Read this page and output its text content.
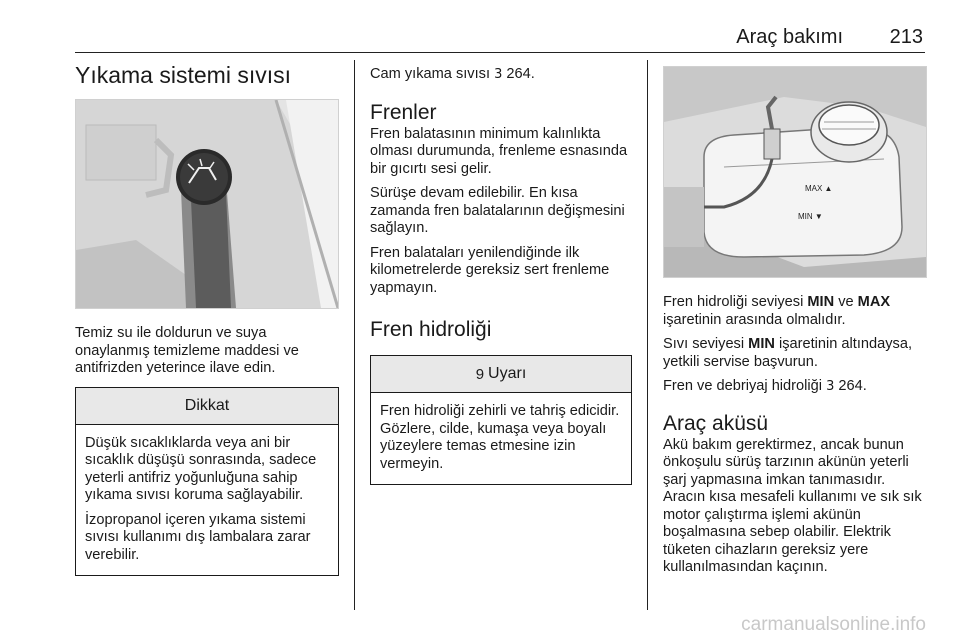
Araç bakımı 213
Yıkama sistemi sıvısı

Temiz su ile doldurun ve suya onaylanmış temizleme maddesi ve antifrizden yeterince ilave edin.

Dikkat

Düşük sıcaklıklarda veya ani bir sıcaklık düşüşü sonrasında, sadece yeterli antifriz yoğunluğuna sahip yıkama sıvısı koruma sağlayabilir.

İzopropanol içeren yıkama sistemi sıvısı kullanımı dış lambalara zarar verebilir.

Cam yıkama sıvısı 3 264.

Frenler

Fren balatasının minimum kalınlıkta olması durumunda, frenleme esnasında bir gıcırtı sesi gelir.

Sürüşe devam edilebilir. En kısa zamanda fren balatalarının değişmesini sağlayın.

Fren balataları yenilendiğinde ilk kilometrelerde gereksiz sert frenleme yapmayın.

Fren hidroliği
9 Uyarı

Fren hidroliği zehirli ve tahriş edicidir. Gözlere, cilde, kumaşa veya boyalı yüzeylere temas etmesine izin vermeyin.

MAX ▲
MIN ▼

Fren hidroliği seviyesi MIN ve MAX işaretinin arasında olmalıdır.

Sıvı seviyesi MIN işaretinin altındaysa, yetkili servise başvurun.

Fren ve debriyaj hidroliği 3 264.

Araç aküsü

Akü bakım gerektirmez, ancak bunun önkoşulu sürüş tarzının akünün yeterli şarj yapmasına imkan tanımasıdır. Aracın kısa mesafeli kullanımı ve sık sık motor çalıştırma işlemi akünün boşalmasına sebep olabilir. Elektrik tüketen cihazların gereksiz yere kullanılmasından kaçının.

carmanualsonline.info
